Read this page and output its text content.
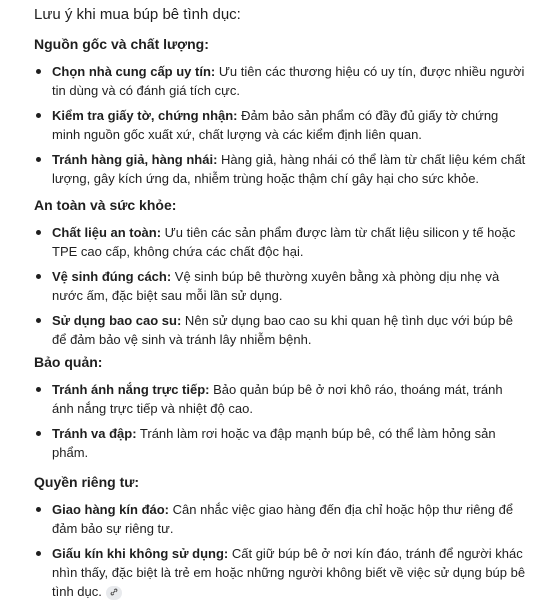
Lưu ý khi mua búp bê tình dục:
Nguồn gốc và chất lượng:
Chọn nhà cung cấp uy tín: Ưu tiên các thương hiệu có uy tín, được nhiều người tin dùng và có đánh giá tích cực.
Kiểm tra giấy tờ, chứng nhận: Đảm bảo sản phẩm có đầy đủ giấy tờ chứng minh nguồn gốc xuất xứ, chất lượng và các kiểm định liên quan.
Tránh hàng giả, hàng nhái: Hàng giả, hàng nhái có thể làm từ chất liệu kém chất lượng, gây kích ứng da, nhiễm trùng hoặc thậm chí gây hại cho sức khỏe.
An toàn và sức khỏe:
Chất liệu an toàn: Ưu tiên các sản phẩm được làm từ chất liệu silicon y tế hoặc TPE cao cấp, không chứa các chất độc hại.
Vệ sinh đúng cách: Vệ sinh búp bê thường xuyên bằng xà phòng dịu nhẹ và nước ấm, đặc biệt sau mỗi lần sử dụng.
Sử dụng bao cao su: Nên sử dụng bao cao su khi quan hệ tình dục với búp bê để đảm bảo vệ sinh và tránh lây nhiễm bệnh.
Bảo quản:
Tránh ánh nắng trực tiếp: Bảo quản búp bê ở nơi khô ráo, thoáng mát, tránh ánh nắng trực tiếp và nhiệt độ cao.
Tránh va đập: Tránh làm rơi hoặc va đập mạnh búp bê, có thể làm hỏng sản phẩm.
Quyền riêng tư:
Giao hàng kín đáo: Cân nhắc việc giao hàng đến địa chỉ hoặc hộp thư riêng để đảm bảo sự riêng tư.
Giấu kín khi không sử dụng: Cất giữ búp bê ở nơi kín đáo, tránh để người khác nhìn thấy, đặc biệt là trẻ em hoặc những người không biết về việc sử dụng búp bê tình dục.
